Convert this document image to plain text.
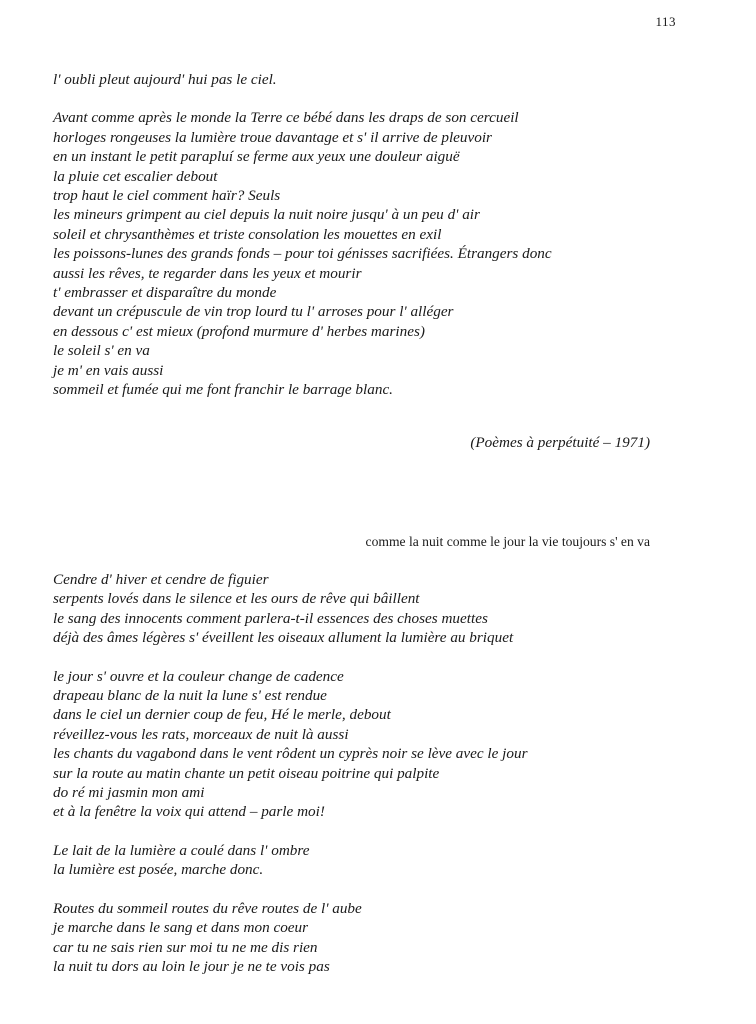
113
l' oubli pleut aujourd' hui pas le ciel.
Avant comme après le monde la Terre ce bébé dans les draps de son cercueil
horloges rongeuses la lumière troue davantage et s' il arrive de pleuvoir
en un instant le petit parapluí se ferme aux yeux une douleur aiguë
la pluie cet escalier debout
trop haut le ciel comment haïr? Seuls
les mineurs grimpent au ciel depuis la nuit noire jusqu' à un peu d' air
soleil et chrysanthèmes et triste consolation les mouettes en exil
les poissons-lunes des grands fonds – pour toi génisses sacrifiées. Étrangers donc
aussi les rêves, te regarder dans les yeux et mourir
t' embrasser et disparaître du monde
devant un crépuscule de vin trop lourd tu l' arroses pour l' alléger
en dessous c' est mieux (profond murmure d' herbes marines)
le soleil s' en va
je m' en vais aussi
sommeil et fumée qui me font franchir le barrage blanc.
(Poèmes à perpétuité – 1971)
comme la nuit comme le jour la vie toujours s' en va
Cendre d' hiver et cendre de figuier
serpents lovés dans le silence et les ours de rêve qui bâillent
le sang des innocents comment parlera-t-il essences des choses muettes
déjà des âmes légères s' éveillent les oiseaux allument la lumière au briquet
le jour s' ouvre et la couleur change de cadence
drapeau blanc de la nuit la lune s' est rendue
dans le ciel un dernier coup de feu, Hé le merle, debout
réveillez-vous les rats, morceaux de nuit là aussi
les chants du vagabond dans le vent rôdent un cyprès noir se lève avec le jour
sur la route au matin chante un petit oiseau poitrine qui palpite
do ré mi jasmin mon ami
et à la fenêtre la voix qui attend – parle moi!
Le lait de la lumière a coulé dans l' ombre
la lumière est posée, marche donc.
Routes du sommeil routes du rêve routes de l' aube
je marche dans le sang et dans mon coeur
car tu ne sais rien sur moi tu ne me dis rien
la nuit tu dors au loin le jour je ne te vois pas
